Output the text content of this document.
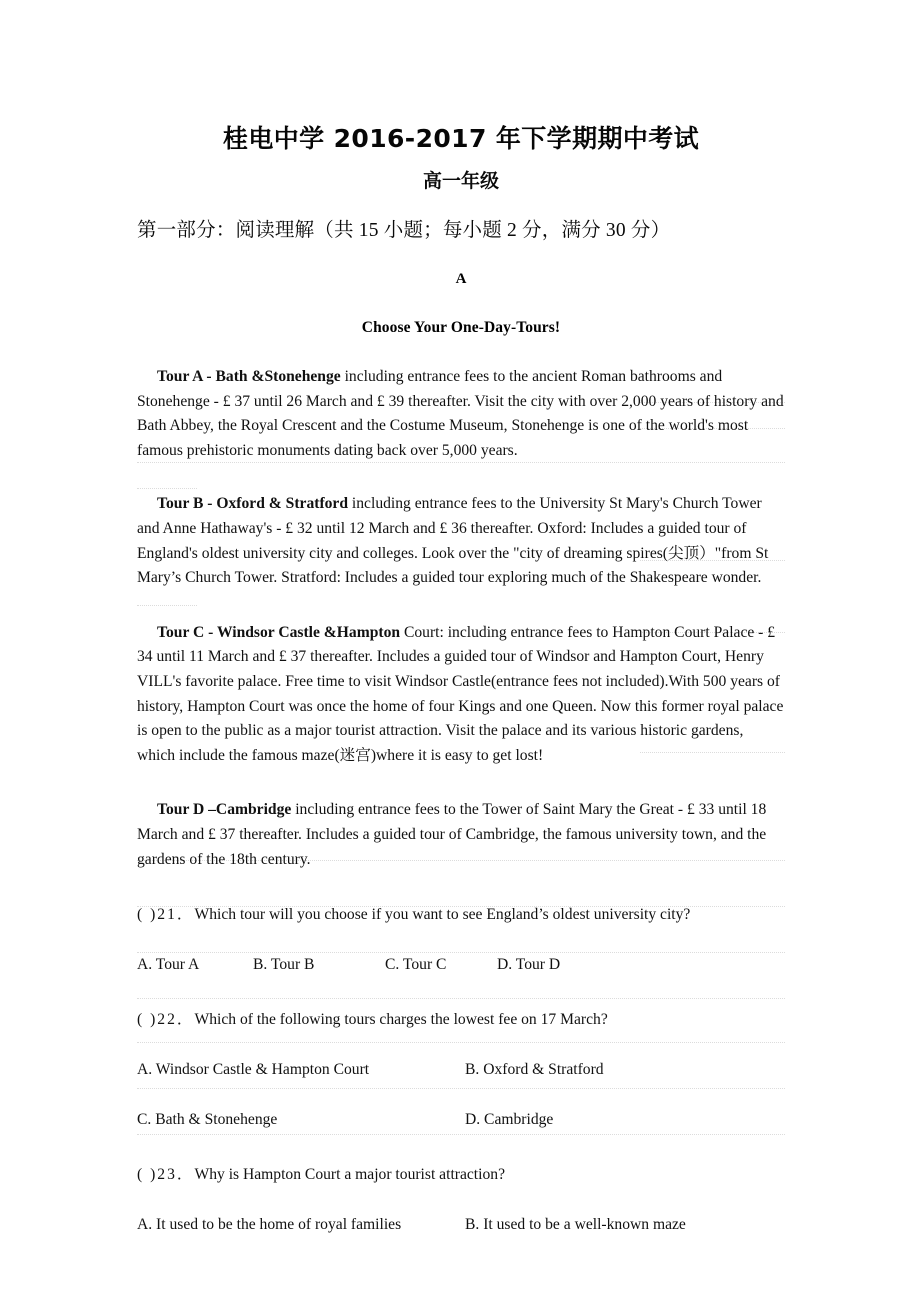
桂电中学 2016-2017 年下学期期中考试
高一年级

第一部分：阅读理解（共 15 小题；每小题 2 分，满分 30 分）

A

Choose Your One-Day-Tours!

Tour A - Bath &Stonehenge including entrance fees to the ancient Roman bathrooms and Stonehenge - £ 37 until 26 March and £ 39 thereafter. Visit the city with over 2,000 years of history and Bath Abbey, the Royal Crescent and the Costume Museum, Stonehenge is one of the world's most famous prehistoric monuments dating back over 5,000 years.

Tour B - Oxford & Stratford including entrance fees to the University St Mary's Church Tower and Anne Hathaway's - £ 32 until 12 March and £ 36 thereafter. Oxford: Includes a guided tour of England's oldest university city and colleges. Look over the "city of dreaming spires(尖顶）"from St Mary’s Church Tower. Stratford: Includes a guided tour exploring much of the Shakespeare wonder.

Tour C - Windsor Castle &Hampton Court: including entrance fees to Hampton Court Palace - £ 34 until 11 March and £ 37 thereafter. Includes a guided tour of Windsor and Hampton Court, Henry VILL's favorite palace. Free time to visit Windsor Castle(entrance fees not included).With 500 years of history, Hampton Court was once the home of four Kings and one Queen. Now this former royal palace is open to the public as a major tourist attraction. Visit the palace and its various historic gardens, which include the famous maze(迷宫)where it is easy to get lost!

Tour D –Cambridge including entrance fees to the Tower of Saint Mary the Great - £ 33 until 18 March and £ 37 thereafter. Includes a guided tour of Cambridge, the famous university town, and the gardens of the 18th century.

( )21．Which tour will you choose if you want to see England’s oldest university city?

A. Tour A	B. Tour B	C. Tour C	D. Tour D

( )22．Which of the following tours charges the lowest fee on 17 March?

A. Windsor Castle & Hampton Court	B. Oxford & Stratford
C. Bath & Stonehenge	D. Cambridge

( )23．Why is Hampton Court a major tourist attraction?

A. It used to be the home of royal families	B. It used to be a well-known maze
